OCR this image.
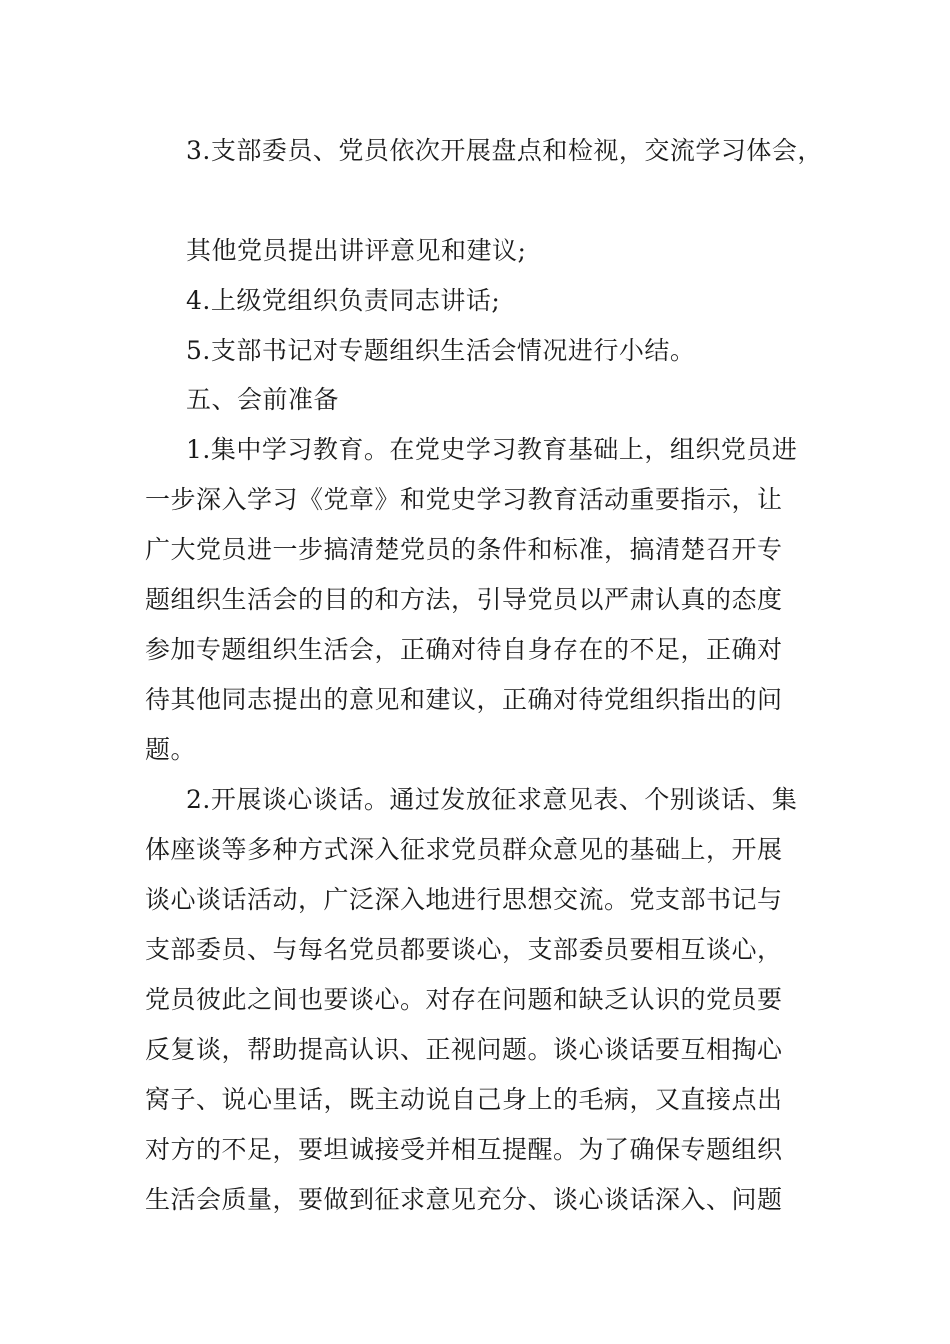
3.支部委员、党员依次开展盘点和检视，交流学习体会，
其他党员提出讲评意见和建议;
4.上级党组织负责同志讲话;
5.支部书记对专题组织生活会情况进行小结。
五、会前准备
1.集中学习教育。在党史学习教育基础上，组织党员进
一步深入学习《党章》和党史学习教育活动重要指示，让
广大党员进一步搞清楚党员的条件和标准，搞清楚召开专
题组织生活会的目的和方法，引导党员以严肃认真的态度
参加专题组织生活会，正确对待自身存在的不足，正确对
待其他同志提出的意见和建议，正确对待党组织指出的问
题。
2.开展谈心谈话。通过发放征求意见表、个别谈话、集
体座谈等多种方式深入征求党员群众意见的基础上，开展
谈心谈话活动，广泛深入地进行思想交流。党支部书记与
支部委员、与每名党员都要谈心，支部委员要相互谈心，
党员彼此之间也要谈心。对存在问题和缺乏认识的党员要
反复谈，帮助提高认识、正视问题。谈心谈话要互相掏心
窝子、说心里话，既主动说自己身上的毛病，又直接点出
对方的不足，要坦诚接受并相互提醒。为了确保专题组织
生活会质量，要做到征求意见充分、谈心谈话深入、问题
